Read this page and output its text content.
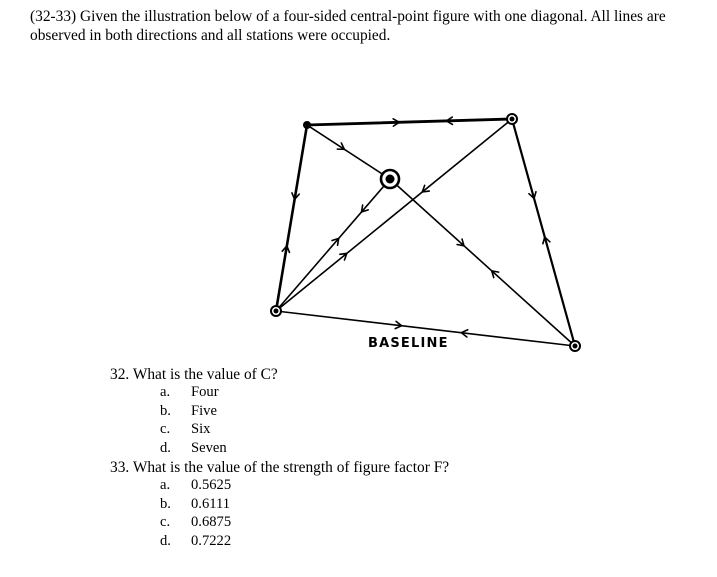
(32-33) Given the illustration below of a four-sided central-point figure with one diagonal. All lines are observed in both directions and all stations were occupied.
BASELINE
32. What is the value of C?
a.	Four
b.	Five
c.	Six
d.	Seven
33. What is the value of the strength of figure factor F?
a.	0.5625
b.	0.6111
c.	0.6875
d.	0.7222
